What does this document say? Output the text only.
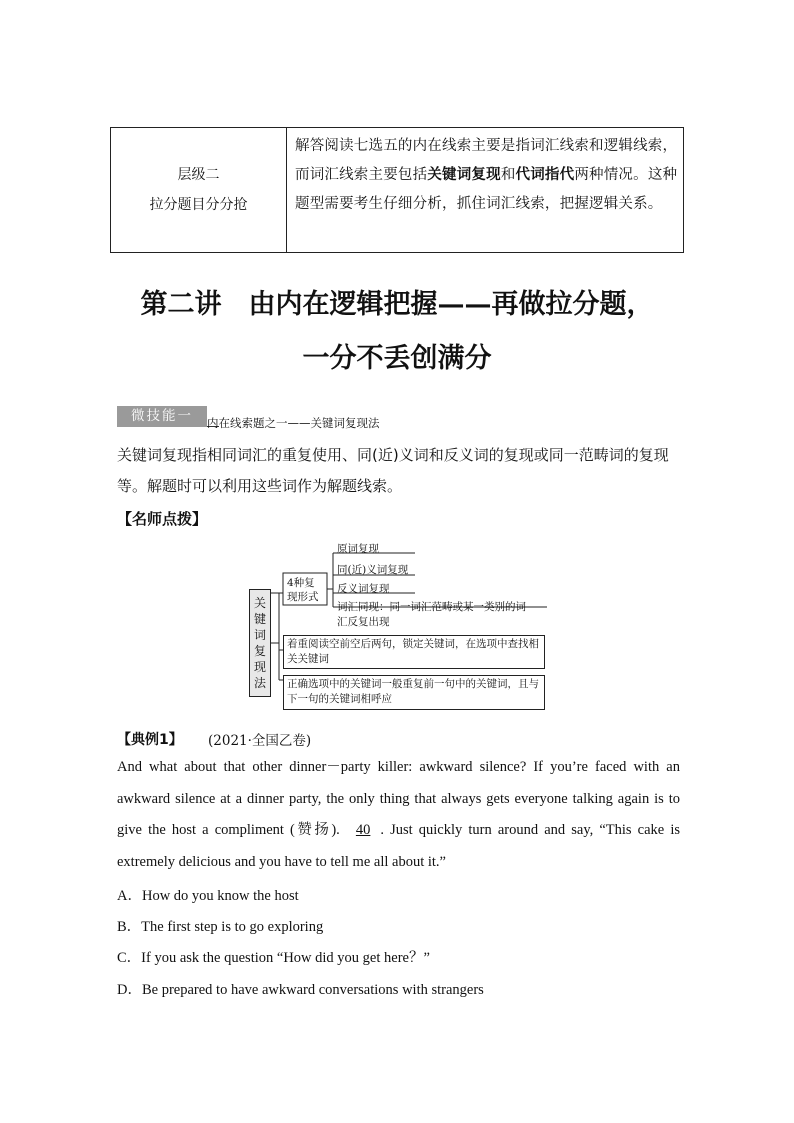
层级二
拉分题目分分抢
解答阅读七选五的内在线索主要是指词汇线索和逻辑线索，而词汇线索主要包括关键词复现和代词指代两种情况。这种题型需要考生仔细分析，抓住词汇线索，把握逻辑关系。
第二讲　由内在逻辑把握——再做拉分题，
一分不丢创满分
微技能一	内在线索题之一——关键词复现法
关键词复现指相同词汇的重复使用、同(近)义词和反义词的复现或同一范畴词的复现等。解题时可以利用这些词作为解题线索。
【名师点拨】
4种复
现形式
原词复现
同(近)义词复现
反义词复现
词汇同现：同一词汇范畴或某一类别的词
汇反复出现
关
键
词
复
现
法
着重阅读空前空后两句，锁定关键词，在选项中查找相关关键词
正确选项中的关键词一般重复前一句中的关键词，且与下一句的关键词相呼应
【典例1】 (2021·全国乙卷)
And what about that other dinner－party killer: awkward silence? If you’re faced with an awkward silence at a dinner party, the only thing that always gets everyone talking again is to give the host a compliment (赞扬). 40 . Just quickly turn around and say, “This cake is extremely delicious and you have to tell me all about it.”
A．How do you know the host
B．The first step is to go exploring
C．If you ask the question “How did you get here？”
D．Be prepared to have awkward conversations with strangers
